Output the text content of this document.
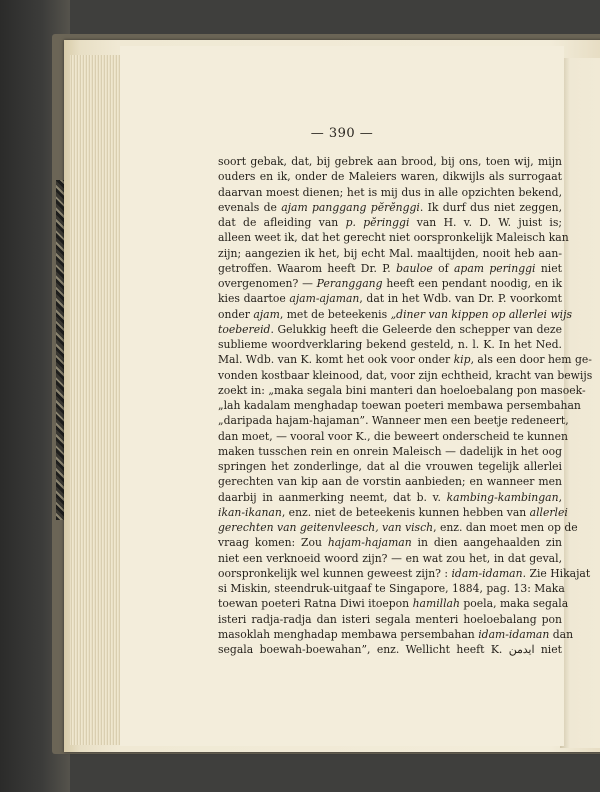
— 390 —
soort gebak, dat, bij gebrek aan brood, bij ons, toen wij, mijn
ouders en ik, onder de Maleiers waren, dikwijls als surrogaat
daarvan moest dienen; het is mij dus in alle opzichten bekend,
evenals de ajam panggang pĕrĕnggi. Ik durf dus niet zeggen,
dat de afleiding van p. pĕringgi van H. v. D. W. juist is;
alleen weet ik, dat het gerecht niet oorspronkelijk Maleisch kan
zijn; aangezien ik het, bij echt Mal. maaltijden, nooit heb aan-
getroffen. Waarom heeft Dr. P. bauloe of apam peringgi niet
overgenomen? — Peranggang heeft een pendant noodig, en ik
kies daartoe ajam-ajaman, dat in het Wdb. van Dr. P. voorkomt
onder ajam, met de beteekenis „diner van kippen op allerlei wijs
toebereid. Gelukkig heeft die Geleerde den schepper van deze
sublieme woordverklaring bekend gesteld, n. l. K. In het Ned.
Mal. Wdb. van K. komt het ook voor onder kip, als een door hem ge-
vonden kostbaar kleinood, dat, voor zijn echtheid, kracht van bewijs
zoekt in: „maka segala bini manteri dan hoeloebalang pon masoek-
„lah kadalam menghadap toewan poeteri membawa persembahan
„daripada hajam-hajaman”. Wanneer men een beetje redeneert,
dan moet, — vooral voor K., die beweert onderscheid te kunnen
maken tusschen rein en onrein Maleisch — dadelijk in het oog
springen het zonderlinge, dat al die vrouwen tegelijk allerlei
gerechten van kip aan de vorstin aanbieden; en wanneer men
daarbij in aanmerking neemt, dat b. v. kambing-kambingan,
ikan-ikanan, enz. niet de beteekenis kunnen hebben van allerlei
gerechten van geitenvleesch, van visch, enz. dan moet men op de
vraag komen: Zou hajam-hajaman in dien aangehaalden zin
niet een verknoeid woord zijn? — en wat zou het, in dat geval,
oorspronkelijk wel kunnen geweest zijn? : idam-idaman. Zie Hikajat
si Miskin, steendruk-uitgaaf te Singapore, 1884, pag. 13: Maka
toewan poeteri Ratna Diwi itoepon hamillah poela, maka segala
isteri radja-radja dan isteri segala menteri hoeloebalang pon
masoklah menghadap membawa persembahan idam-idaman dan
segala boewah-boewahan”, enz. Wellicht heeft K. ايدمن niet
